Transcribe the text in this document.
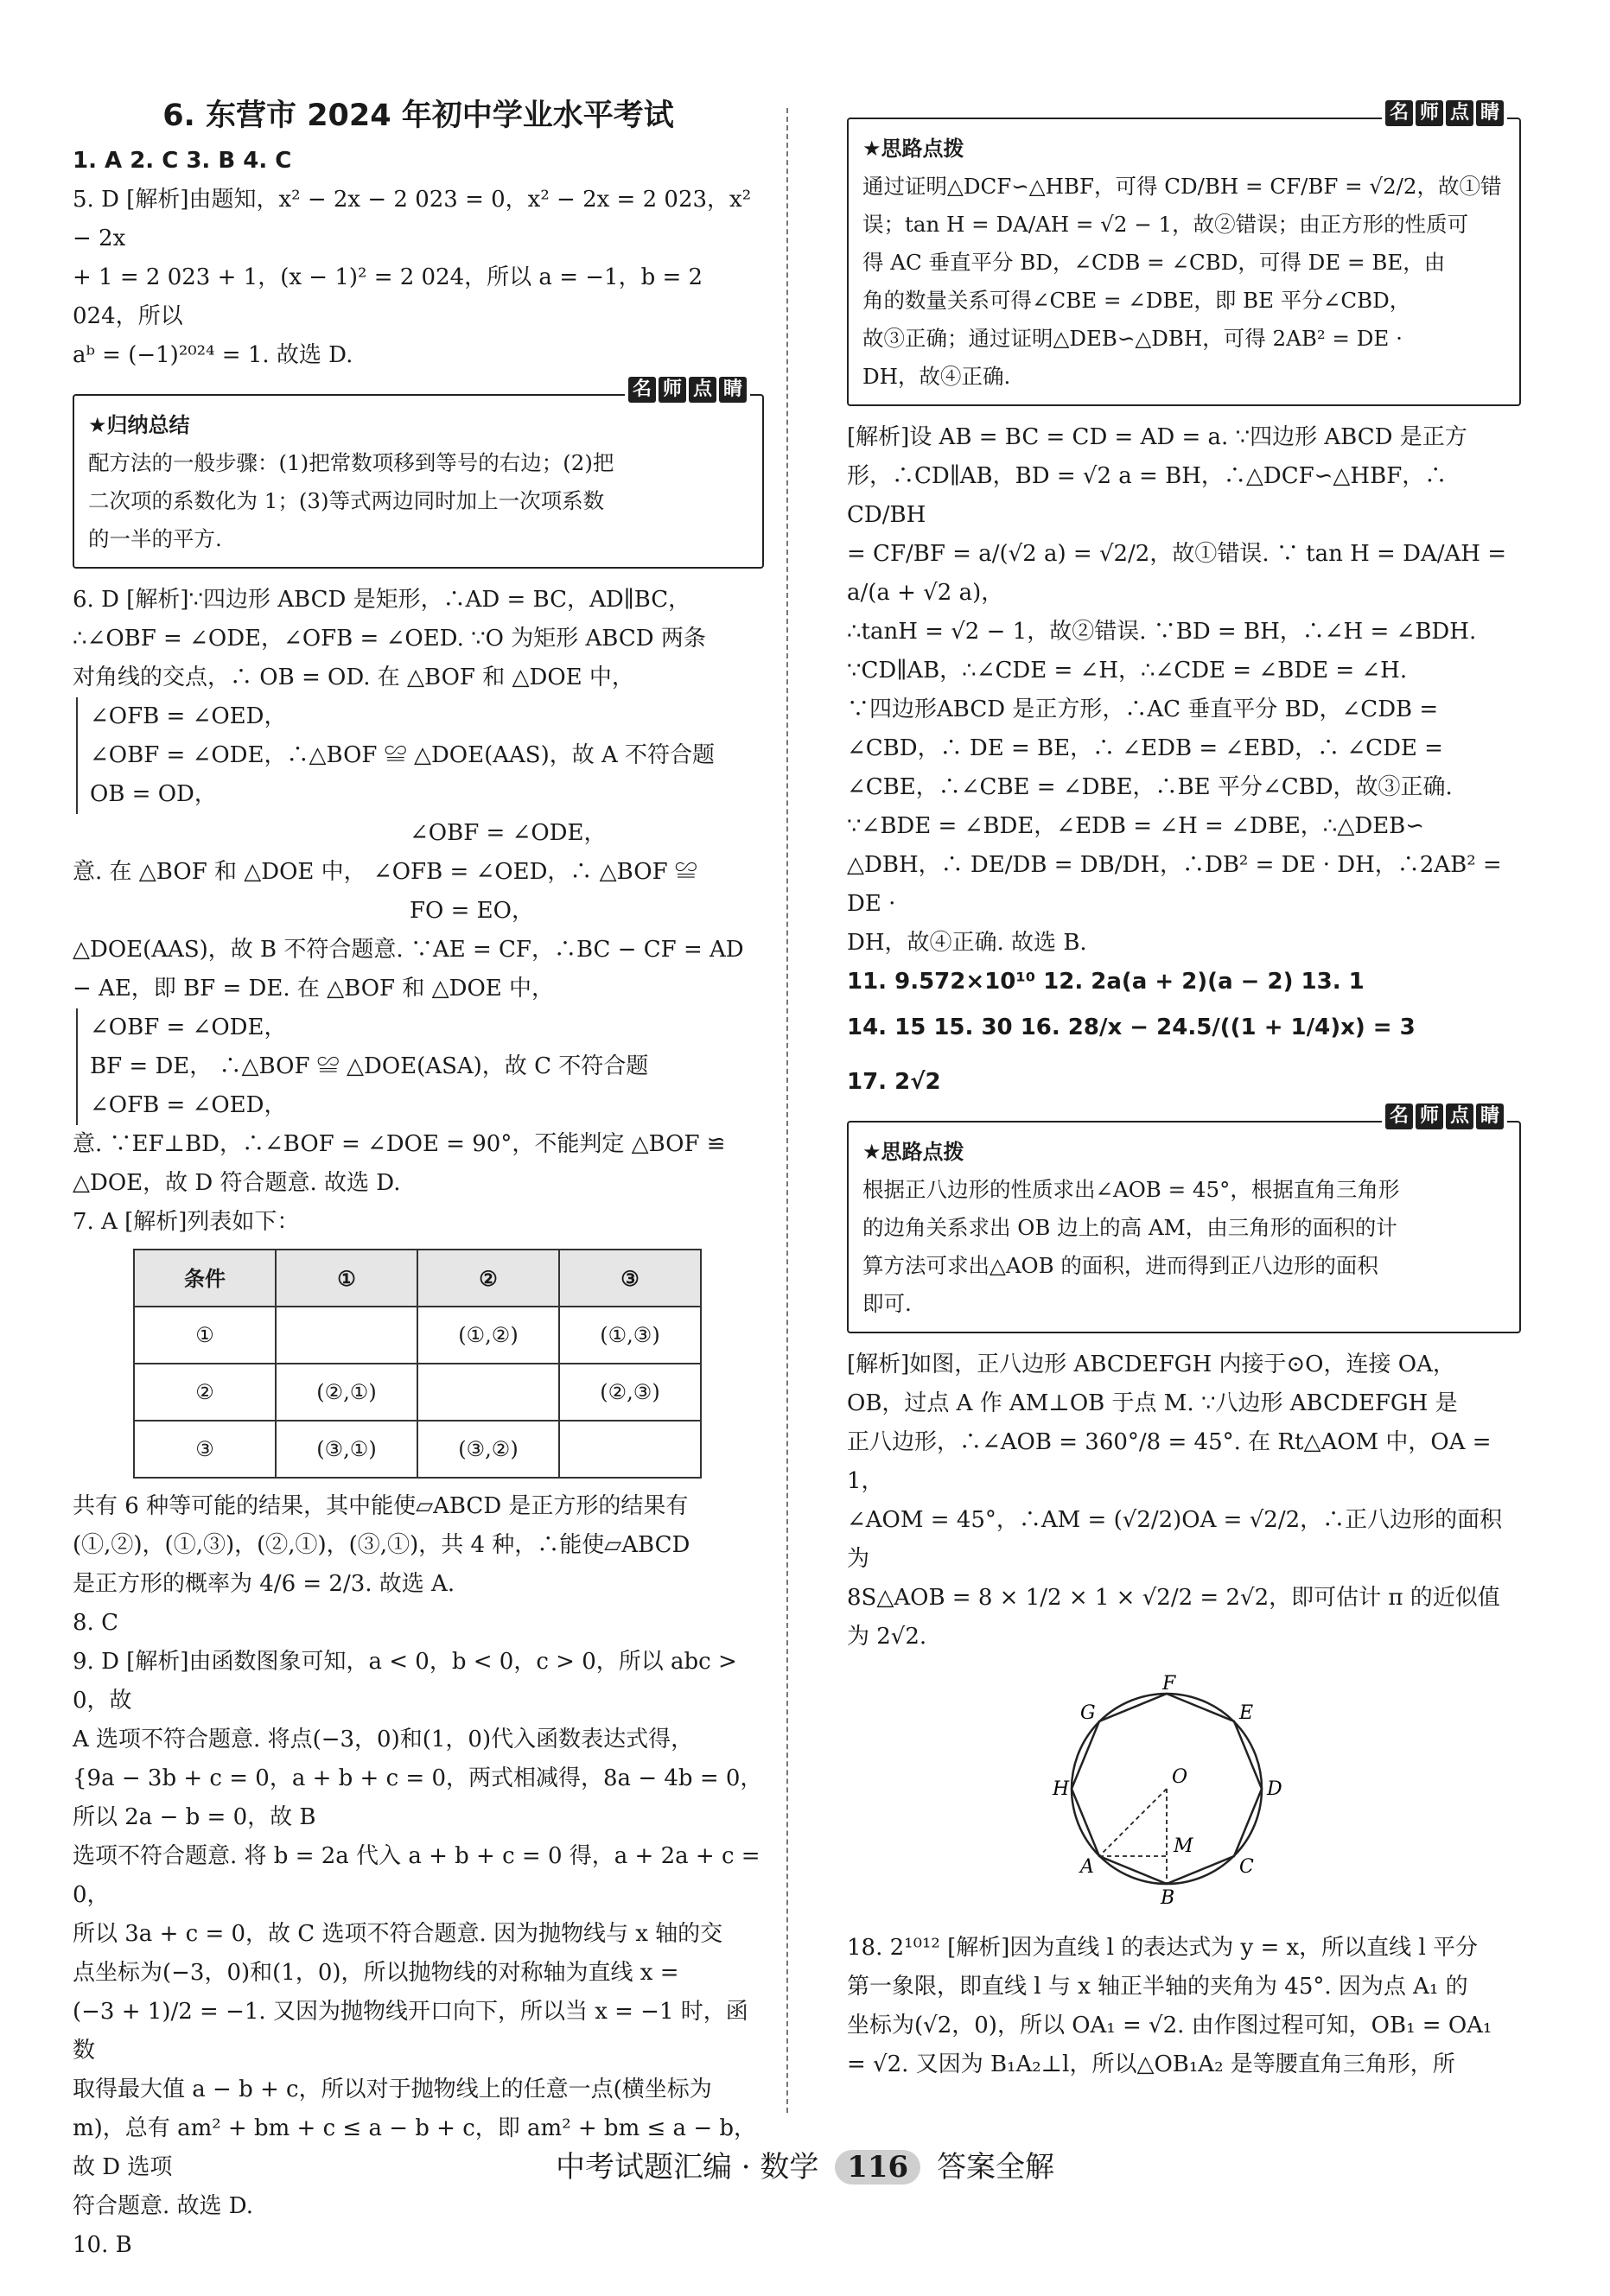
6. 东营市 2024 年初中学业水平考试

1. A 2. C 3. B 4. C

5. D [解析]由题知，x² − 2x − 2 023 = 0，x² − 2x = 2 023，x² − 2x

+ 1 = 2 023 + 1，(x − 1)² = 2 024，所以 a = −1，b = 2 024，所以

aᵇ = (−1)²⁰²⁴ = 1. 故选 D.

名 师 点 睛
★归纳总结

配方法的一般步骤：(1)把常数项移到等号的右边；(2)把

二次项的系数化为 1；(3)等式两边同时加上一次项系数

的一半的平方.

6. D [解析]∵四边形 ABCD 是矩形，∴AD = BC，AD∥BC，

∴∠OBF = ∠ODE，∠OFB = ∠OED. ∵O 为矩形 ABCD 两条

对角线的交点，∴ OB = OD. 在 △BOF 和 △DOE 中，

∠OFB = ∠OED，

∠OBF = ∠ODE，∴△BOF ≌ △DOE(AAS)，故 A 不符合题

OB = OD，

∠OBF = ∠ODE，

意. 在 △BOF 和 △DOE 中， ∠OFB = ∠OED，∴ △BOF ≌

FO = EO，

△DOE(AAS)，故 B 不符合题意. ∵AE = CF，∴BC − CF = AD

− AE，即 BF = DE. 在 △BOF 和 △DOE 中，

∠OBF = ∠ODE，

BF = DE， ∴△BOF ≌ △DOE(ASA)，故 C 不符合题

∠OFB = ∠OED，

意. ∵EF⊥BD，∴∠BOF = ∠DOE = 90°，不能判定 △BOF ≌

△DOE，故 D 符合题意. 故选 D.

7. A [解析]列表如下：

条件	①	②	③
①		(①,②)	(①,③)
②	(②,①)		(②,③)
③	(③,①)	(③,②)	

共有 6 种等可能的结果，其中能使▱ABCD 是正方形的结果有

(①,②)，(①,③)，(②,①)，(③,①)，共 4 种，∴能使▱ABCD

是正方形的概率为 4/6 = 2/3. 故选 A.

8. C

9. D [解析]由函数图象可知，a < 0，b < 0，c > 0，所以 abc > 0，故

A 选项不符合题意. 将点(−3，0)和(1，0)代入函数表达式得，

{9a − 3b + c = 0，a + b + c = 0，两式相减得，8a − 4b = 0，所以 2a − b = 0，故 B

选项不符合题意. 将 b = 2a 代入 a + b + c = 0 得，a + 2a + c = 0，

所以 3a + c = 0，故 C 选项不符合题意. 因为抛物线与 x 轴的交

点坐标为(−3，0)和(1，0)，所以抛物线的对称轴为直线 x =

(−3 + 1)/2 = −1. 又因为抛物线开口向下，所以当 x = −1 时，函数

取得最大值 a − b + c，所以对于抛物线上的任意一点(横坐标为

m)，总有 am² + bm + c ≤ a − b + c，即 am² + bm ≤ a − b，故 D 选项

符合题意. 故选 D.

10. B

名 师 点 睛
★思路点拨

通过证明△DCF∽△HBF，可得 CD/BH = CF/BF = √2/2，故①错

误；tan H = DA/AH = √2 − 1，故②错误；由正方形的性质可

得 AC 垂直平分 BD，∠CDB = ∠CBD，可得 DE = BE，由

角的数量关系可得∠CBE = ∠DBE，即 BE 平分∠CBD，

故③正确；通过证明△DEB∽△DBH，可得 2AB² = DE ·

DH，故④正确.

[解析]设 AB = BC = CD = AD = a. ∵四边形 ABCD 是正方

形，∴CD∥AB，BD = √2 a = BH，∴△DCF∽△HBF，∴ CD/BH

= CF/BF = a/(√2 a) = √2/2，故①错误. ∵ tan H = DA/AH = a/(a + √2 a)，

∴tanH = √2 − 1，故②错误. ∵BD = BH，∴∠H = ∠BDH.

∵CD∥AB，∴∠CDE = ∠H，∴∠CDE = ∠BDE = ∠H.

∵四边形ABCD 是正方形，∴AC 垂直平分 BD，∠CDB =

∠CBD，∴ DE = BE，∴ ∠EDB = ∠EBD，∴ ∠CDE =

∠CBE，∴∠CBE = ∠DBE，∴BE 平分∠CBD，故③正确.

∵∠BDE = ∠BDE，∠EDB = ∠H = ∠DBE，∴△DEB∽

△DBH，∴ DE/DB = DB/DH，∴DB² = DE · DH，∴2AB² = DE ·

DH，故④正确. 故选 B.

11. 9.572×10¹⁰ 12. 2a(a + 2)(a − 2) 13. 1

14. 15 15. 30 16. 28/x − 24.5/((1 + 1/4)x) = 3

17. 2√2

名 师 点 睛
★思路点拨

根据正八边形的性质求出∠AOB = 45°，根据直角三角形

的边角关系求出 OB 边上的高 AM，由三角形的面积的计

算方法可求出△AOB 的面积，进而得到正八边形的面积

即可.

[解析]如图，正八边形 ABCDEFGH 内接于⊙O，连接 OA，

OB，过点 A 作 AM⊥OB 于点 M. ∵八边形 ABCDEFGH 是

正八边形，∴∠AOB = 360°/8 = 45°. 在 Rt△AOM 中，OA = 1，

∠AOM = 45°，∴AM = (√2/2)OA = √2/2，∴正八边形的面积为

8S△AOB = 8 × 1/2 × 1 × √2/2 = 2√2，即可估计 π 的近似值为 2√2.

F
E
G
H	D
O
M
A	C
B

18. 2¹⁰¹² [解析]因为直线 l 的表达式为 y = x，所以直线 l 平分

第一象限，即直线 l 与 x 轴正半轴的夹角为 45°. 因为点 A₁ 的

坐标为(√2，0)，所以 OA₁ = √2. 由作图过程可知，OB₁ = OA₁

= √2. 又因为 B₁A₂⊥l，所以△OB₁A₂ 是等腰直角三角形，所

中考试题汇编 · 数学 116 答案全解
